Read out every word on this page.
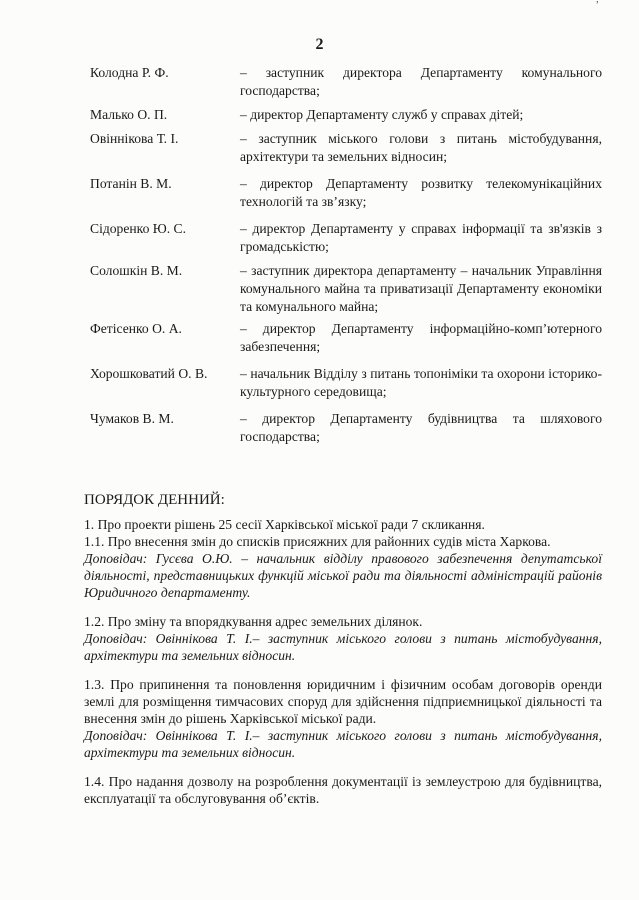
ʼ
2
Колодна Р. Ф.	– заступник директора Департаменту комунального господарства;
Малько О. П.	– директор Департаменту служб у справах дітей;
Овіннікова Т. І.	– заступник міського голови з питань містобудування, архітектури та земельних відносин;
Потанін В. М.	– директор Департаменту розвитку телекомунікаційних технологій та зв’язку;
Сідоренко Ю. С.	– директор Департаменту у справах інформації та зв'язків з громадськістю;
Солошкін В. М.	– заступник директора департаменту – начальник Управління комунального майна та приватизації Департаменту економіки та комунального майна;
Фетісенко О. А.	– директор Департаменту інформаційно-комп’ютерного забезпечення;
Хорошковатий О. В.	– начальник Відділу з питань топоніміки та охорони історико-культурного середовища;
Чумаков В. М.	– директор Департаменту будівництва та шляхового господарства;
ПОРЯДОК ДЕННИЙ:

1. Про проекти рішень 25 сесії Харківської міської ради 7 скликання.

1.1. Про внесення змін до списків присяжних для районних судів міста Харкова.

Доповідач: Гусєва О.Ю. – начальник відділу правового забезпечення депутатської діяльності, представницьких функцій міської ради та діяльності адміністрацій районів Юридичного департаменту.

1.2. Про зміну та впорядкування адрес земельних ділянок.

Доповідач: Овіннікова Т. І.– заступник міського голови з питань містобудування, архітектури та земельних відносин.

1.3. Про припинення та поновлення юридичним і фізичним особам договорів оренди землі для розміщення тимчасових споруд для здійснення підприємницької діяльності та внесення змін до рішень Харківської міської ради.

Доповідач: Овіннікова Т. І.– заступник міського голови з питань містобудування, архітектури та земельних відносин.

1.4. Про надання дозволу на розроблення документації із землеустрою для будівництва, експлуатації та обслуговування об’єктів.
